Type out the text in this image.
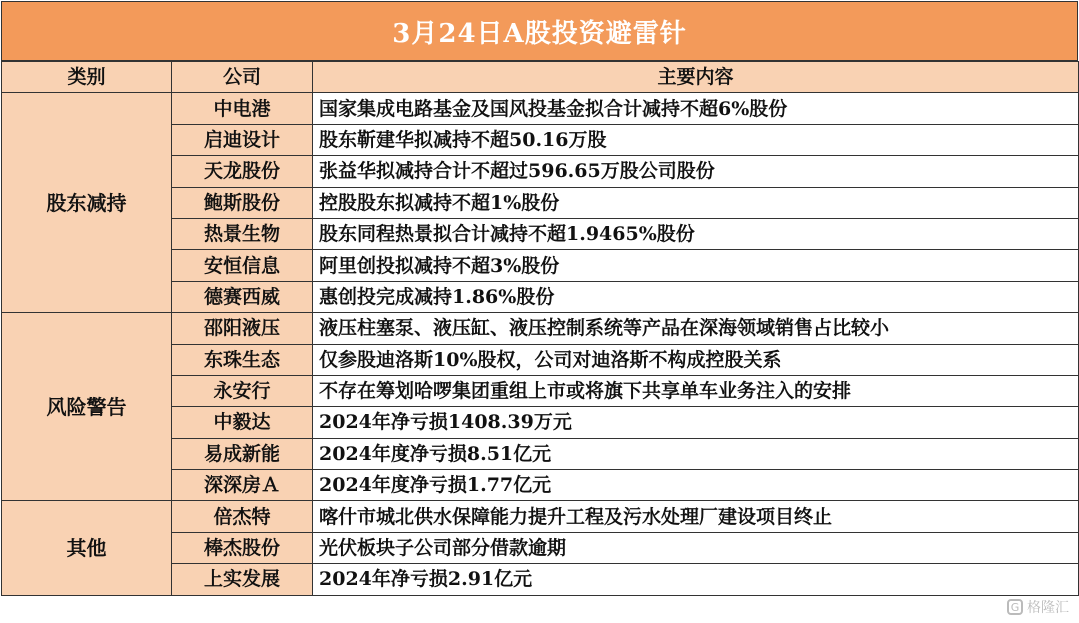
3月24日A股投资避雷针
类别	公司	主要内容
股东减持	中电港	国家集成电路基金及国风投基金拟合计减持不超6%股份
	启迪设计	股东靳建华拟减持不超50.16万股
	天龙股份	张益华拟减持合计不超过596.65万股公司股份
	鲍斯股份	控股股东拟减持不超1%股份
	热景生物	股东同程热景拟合计减持不超1.9465%股份
	安恒信息	阿里创投拟减持不超3%股份
	德赛西威	惠创投完成减持1.86%股份
风险警告	邵阳液压	液压柱塞泵、液压缸、液压控制系统等产品在深海领域销售占比较小
	东珠生态	仅参股迪洛斯10%股权，公司对迪洛斯不构成控股关系
	永安行	不存在筹划哈啰集团重组上市或将旗下共享单车业务注入的安排
	中毅达	2024年净亏损1408.39万元
	易成新能	2024年度净亏损8.51亿元
	深深房Ａ	2024年度净亏损1.77亿元
其他	倍杰特	喀什市城北供水保障能力提升工程及污水处理厂建设项目终止
	棒杰股份	光伏板块子公司部分借款逾期
	上实发展	2024年净亏损2.91亿元
G 格隆汇
